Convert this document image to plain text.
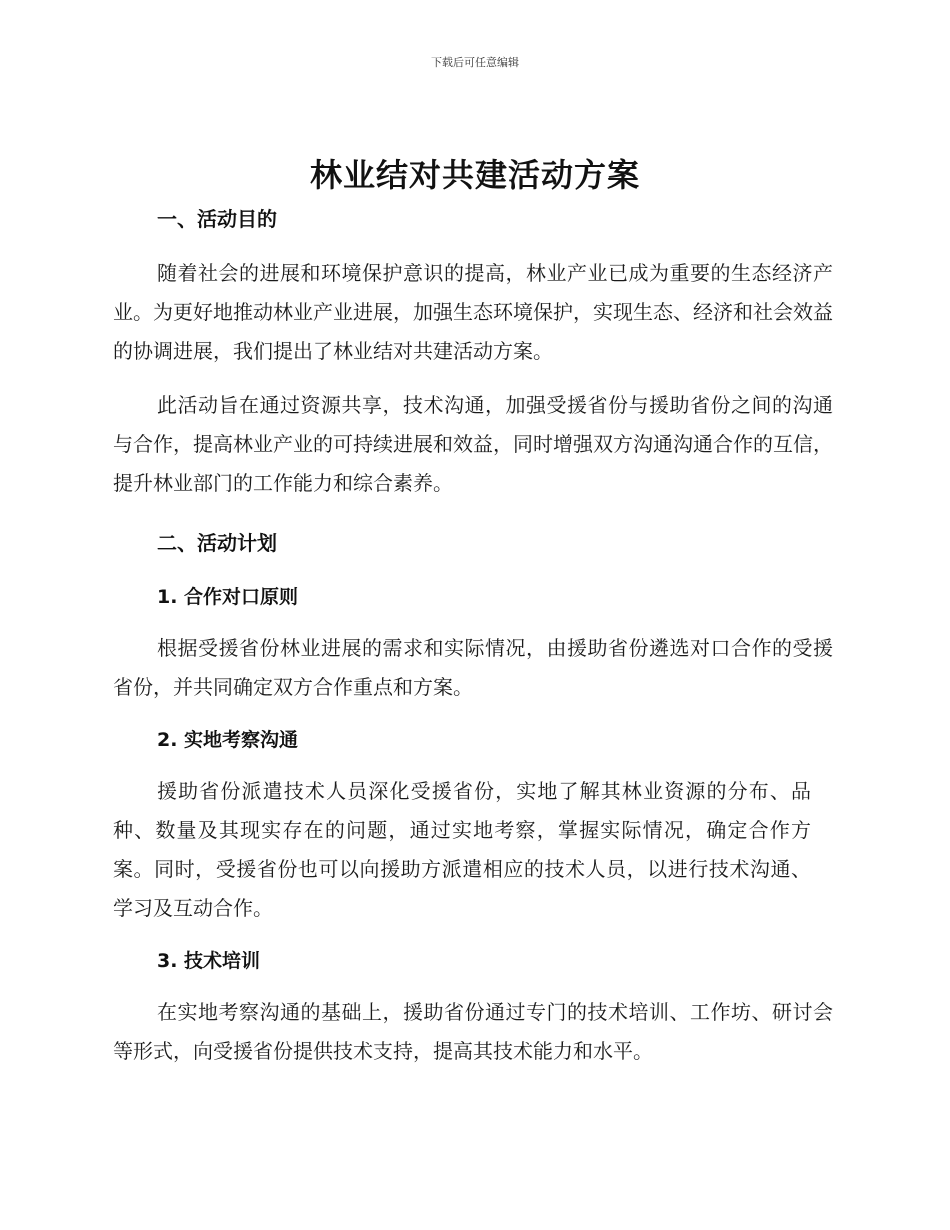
下载后可任意编辑
林业结对共建活动方案

一、活动目的

随着社会的进展和环境保护意识的提高，林业产业已成为重要的生态经济产业。为更好地推动林业产业进展，加强生态环境保护，实现生态、经济和社会效益的协调进展，我们提出了林业结对共建活动方案。

此活动旨在通过资源共享，技术沟通，加强受援省份与援助省份之间的沟通与合作，提高林业产业的可持续进展和效益，同时增强双方沟通沟通合作的互信，提升林业部门的工作能力和综合素养。

二、活动计划

1. 合作对口原则

根据受援省份林业进展的需求和实际情况，由援助省份遴选对口合作的受援省份，并共同确定双方合作重点和方案。

2. 实地考察沟通

援助省份派遣技术人员深化受援省份，实地了解其林业资源的分布、品种、数量及其现实存在的问题，通过实地考察，掌握实际情况，确定合作方案。同时，受援省份也可以向援助方派遣相应的技术人员，以进行技术沟通、学习及互动合作。

3. 技术培训

在实地考察沟通的基础上，援助省份通过专门的技术培训、工作坊、研讨会等形式，向受援省份提供技术支持，提高其技术能力和水平。
